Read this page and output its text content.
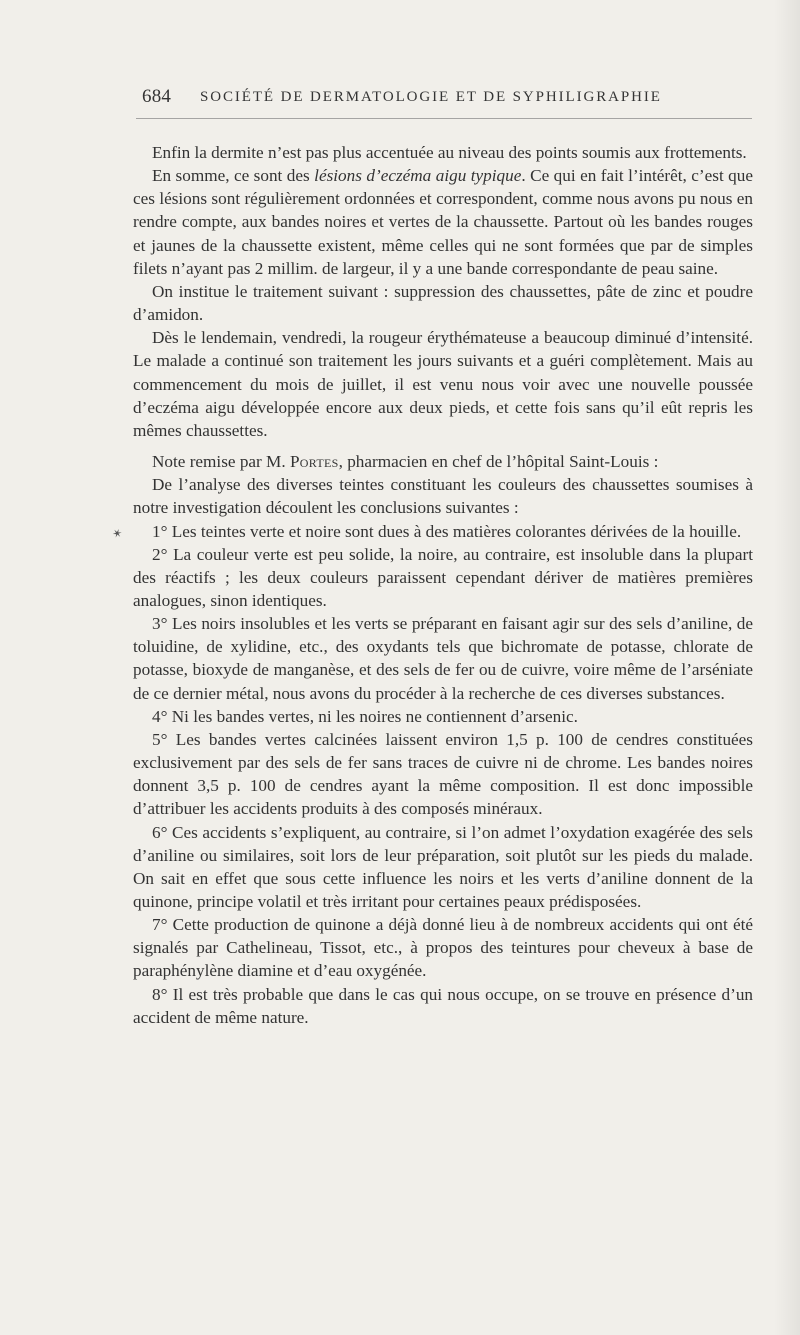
684 SOCIÉTÉ DE DERMATOLOGIE ET DE SYPHILIGRAPHIE
✶

Enfin la dermite n’est pas plus accentuée au niveau des points soumis aux frottements.

En somme, ce sont des lésions d’eczéma aigu typique. Ce qui en fait l’intérêt, c’est que ces lésions sont régulièrement ordonnées et correspondent, comme nous avons pu nous en rendre compte, aux bandes noires et vertes de la chaussette. Partout où les bandes rouges et jaunes de la chaussette existent, même celles qui ne sont formées que par de simples filets n’ayant pas 2 millim. de largeur, il y a une bande correspondante de peau saine.

On institue le traitement suivant : suppression des chaussettes, pâte de zinc et poudre d’amidon.

Dès le lendemain, vendredi, la rougeur érythémateuse a beaucoup diminué d’intensité. Le malade a continué son traitement les jours suivants et a guéri complètement. Mais au commencement du mois de juillet, il est venu nous voir avec une nouvelle poussée d’eczéma aigu développée encore aux deux pieds, et cette fois sans qu’il eût repris les mêmes chaussettes.

Note remise par M. Portes, pharmacien en chef de l’hôpital Saint-Louis :

De l’analyse des diverses teintes constituant les couleurs des chaussettes soumises à notre investigation découlent les conclusions suivantes :

1° Les teintes verte et noire sont dues à des matières colorantes dérivées de la houille.

2° La couleur verte est peu solide, la noire, au contraire, est insoluble dans la plupart des réactifs ; les deux couleurs paraissent cependant dériver de matières premières analogues, sinon identiques.

3° Les noirs insolubles et les verts se préparant en faisant agir sur des sels d’aniline, de toluidine, de xylidine, etc., des oxydants tels que bichromate de potasse, chlorate de potasse, bioxyde de manganèse, et des sels de fer ou de cuivre, voire même de l’arséniate de ce dernier métal, nous avons du procéder à la recherche de ces diverses substances.

4° Ni les bandes vertes, ni les noires ne contiennent d’arsenic.

5° Les bandes vertes calcinées laissent environ 1,5 p. 100 de cendres constituées exclusivement par des sels de fer sans traces de cuivre ni de chrome. Les bandes noires donnent 3,5 p. 100 de cendres ayant la même composition. Il est donc impossible d’attribuer les accidents produits à des composés minéraux.

6° Ces accidents s’expliquent, au contraire, si l’on admet l’oxydation exagérée des sels d’aniline ou similaires, soit lors de leur préparation, soit plutôt sur les pieds du malade. On sait en effet que sous cette influence les noirs et les verts d’aniline donnent de la quinone, principe volatil et très irritant pour certaines peaux prédisposées.

7° Cette production de quinone a déjà donné lieu à de nombreux accidents qui ont été signalés par Cathelineau, Tissot, etc., à propos des teintures pour cheveux à base de paraphénylène diamine et d’eau oxygénée.

8° Il est très probable que dans le cas qui nous occupe, on se trouve en présence d’un accident de même nature.
